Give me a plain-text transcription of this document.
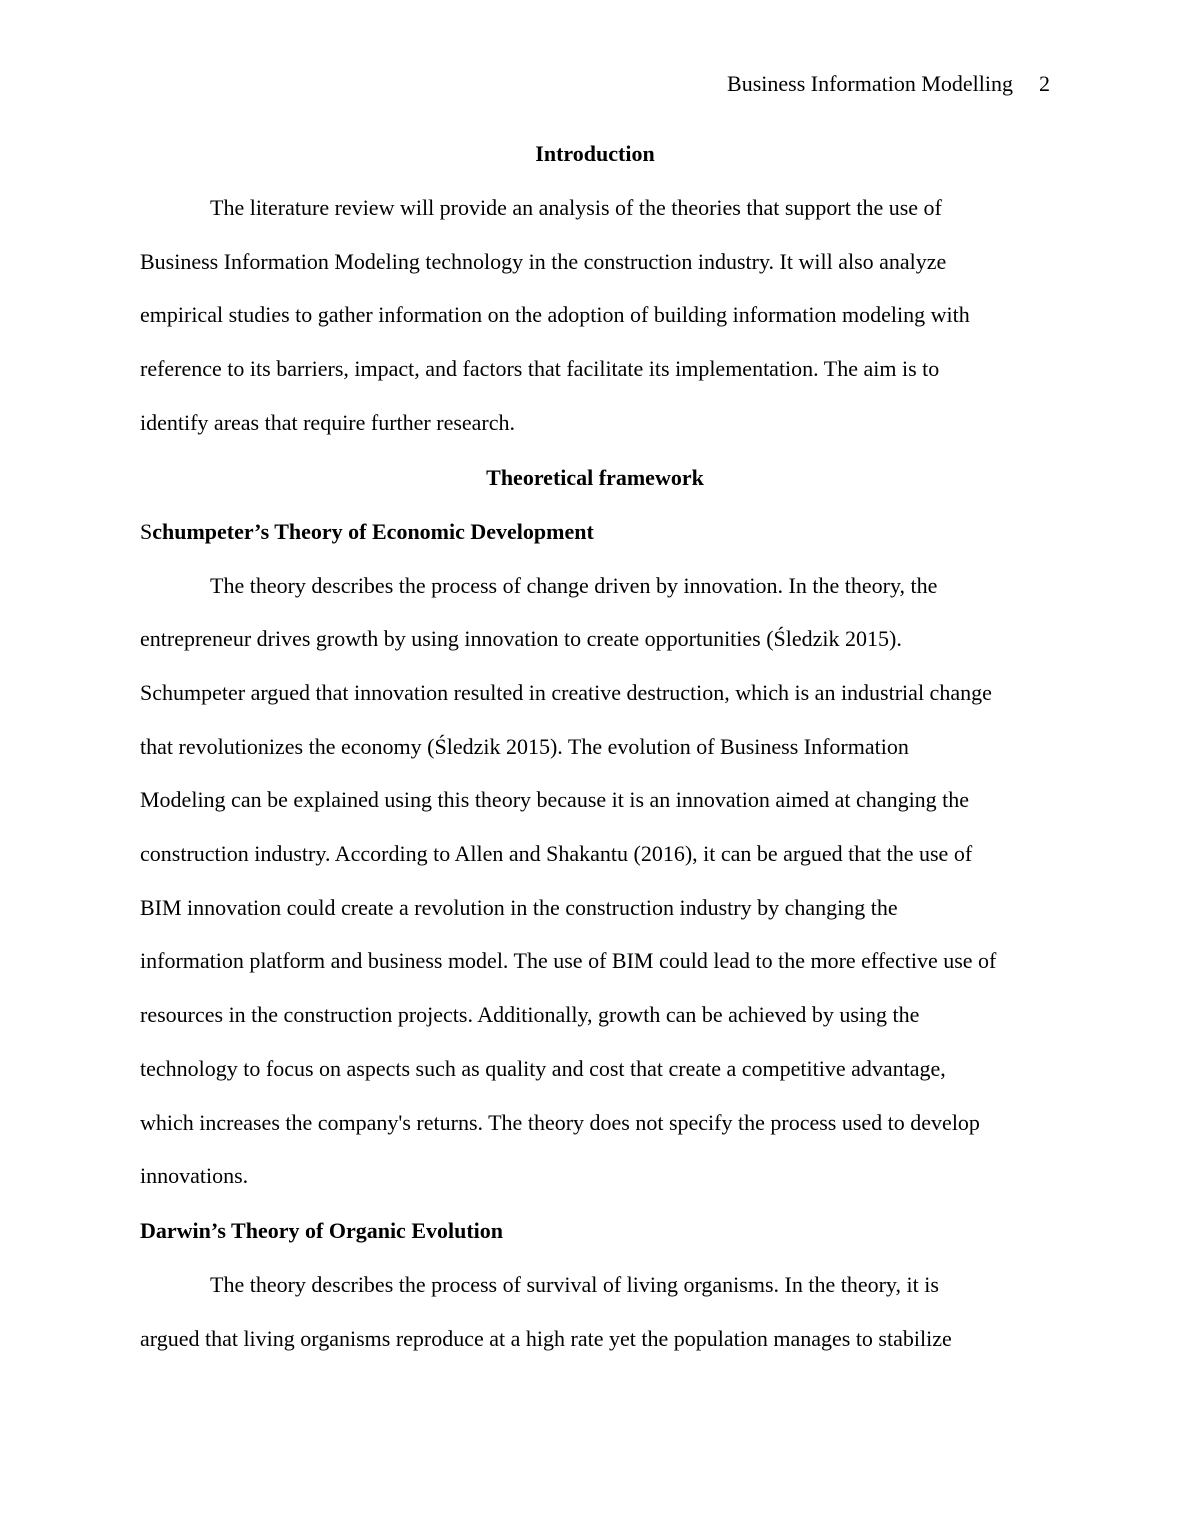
Business Information Modelling 2
Introduction

The literature review will provide an analysis of the theories that support the use of
Business Information Modeling technology in the construction industry. It will also analyze
empirical studies to gather information on the adoption of building information modeling with
reference to its barriers, impact, and factors that facilitate its implementation. The aim is to
identify areas that require further research.

Theoretical framework
Schumpeter’s Theory of Economic Development

The theory describes the process of change driven by innovation. In the theory, the
entrepreneur drives growth by using innovation to create opportunities (Śledzik 2015).
Schumpeter argued that innovation resulted in creative destruction, which is an industrial change
that revolutionizes the economy (Śledzik 2015). The evolution of Business Information
Modeling can be explained using this theory because it is an innovation aimed at changing the
construction industry. According to Allen and Shakantu (2016), it can be argued that the use of
BIM innovation could create a revolution in the construction industry by changing the
information platform and business model. The use of BIM could lead to the more effective use of
resources in the construction projects. Additionally, growth can be achieved by using the
technology to focus on aspects such as quality and cost that create a competitive advantage,
which increases the company's returns. The theory does not specify the process used to develop
innovations.

Darwin’s Theory of Organic Evolution

The theory describes the process of survival of living organisms. In the theory, it is
argued that living organisms reproduce at a high rate yet the population manages to stabilize
